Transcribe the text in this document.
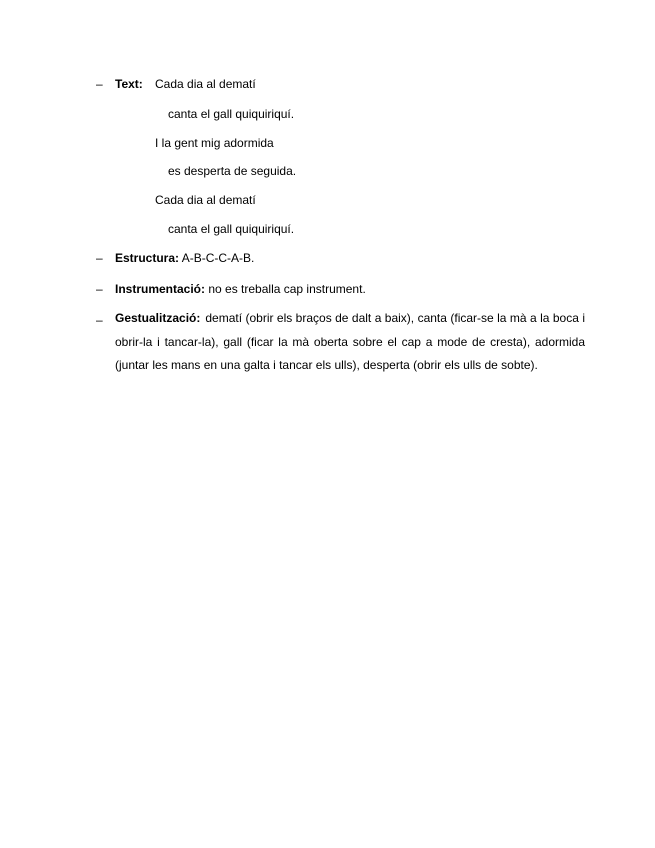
–	Text: Cada dia al dematí
canta el gall quiquiriquí.
I la gent mig adormida
es desperta de seguida.
Cada dia al dematí
canta el gall quiquiriquí.
–	Estructura: A-B-C-C-A-B.
–	Instrumentació: no es treballa cap instrument.
–	Gestualització: dematí (obrir els braços de dalt a baix), canta (ficar-se la mà a la boca i obrir-la i tancar-la), gall (ficar la mà oberta sobre el cap a mode de cresta), adormida (juntar les mans en una galta i tancar els ulls), desperta (obrir els ulls de sobte).
